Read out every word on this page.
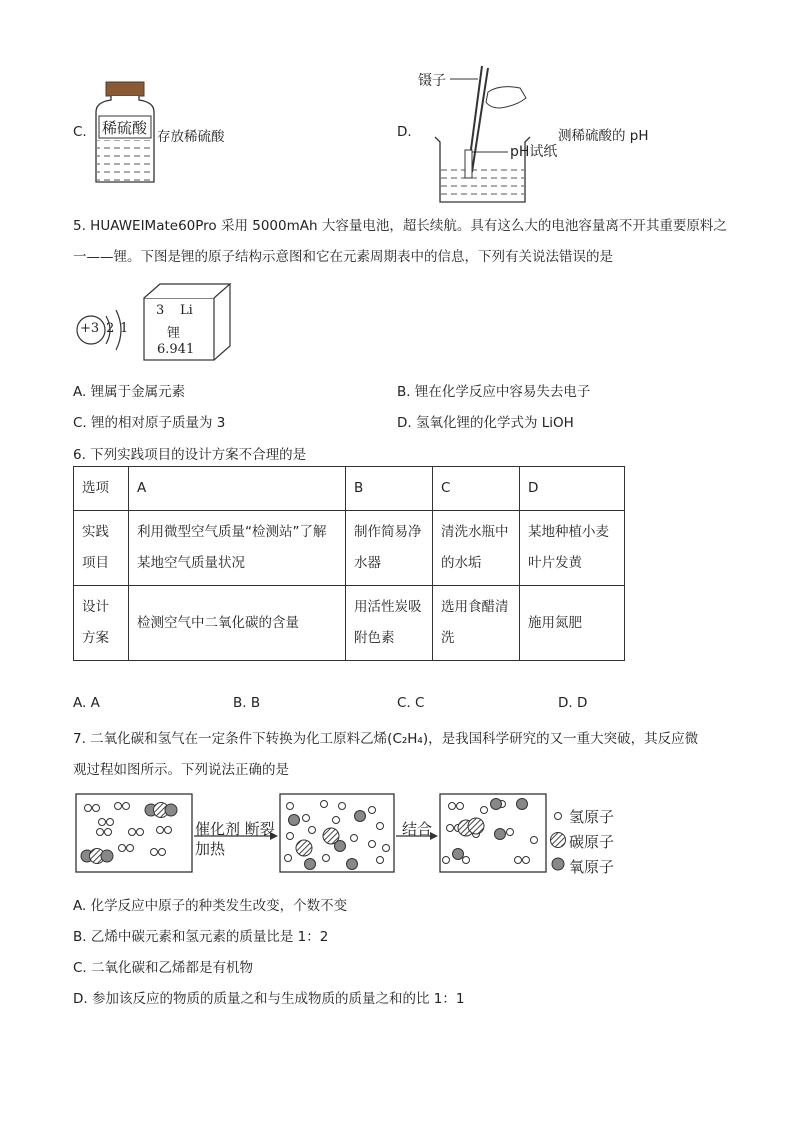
C. 稀硫酸 存放稀硫酸	D.
镊子
pH试纸
测稀硫酸的 pH
5. HUAWEIMate60Pro 采用 5000mAh 大容量电池，超长续航。具有这么大的电池容量离不开其重要原料之
一——锂。下图是锂的原子结构示意图和它在元素周期表中的信息，下列有关说法错误的是
+3 2 1
3 Li
锂
6.941
A. 锂属于金属元素	B. 锂在化学反应中容易失去电子
C. 锂的相对原子质量为 3	D. 氢氧化锂的化学式为 LiOH
6. 下列实践项目的设计方案不合理的是
选项	A	B	C	D
实践项目	利用微型空气质量“检测站”了解某地空气质量状况	制作简易净水器	清洗水瓶中的水垢	某地种植小麦叶片发黄
设计方案	检测空气中二氧化碳的含量	用活性炭吸附色素	选用食醋清洗	施用氮肥
A. A	B. B	C. C	D. D
7. 二氧化碳和氢气在一定条件下转换为化工原料乙烯(C₂H₄)，是我国科学研究的又一重大突破，其反应微
观过程如图所示。下列说法正确的是
催化剂 断裂
加热
结合
氢原子
碳原子
氧原子
A. 化学反应中原子的种类发生改变，个数不变
B. 乙烯中碳元素和氢元素的质量比是 1：2
C. 二氧化碳和乙烯都是有机物
D. 参加该反应的物质的质量之和与生成物质的质量之和的比 1：1
